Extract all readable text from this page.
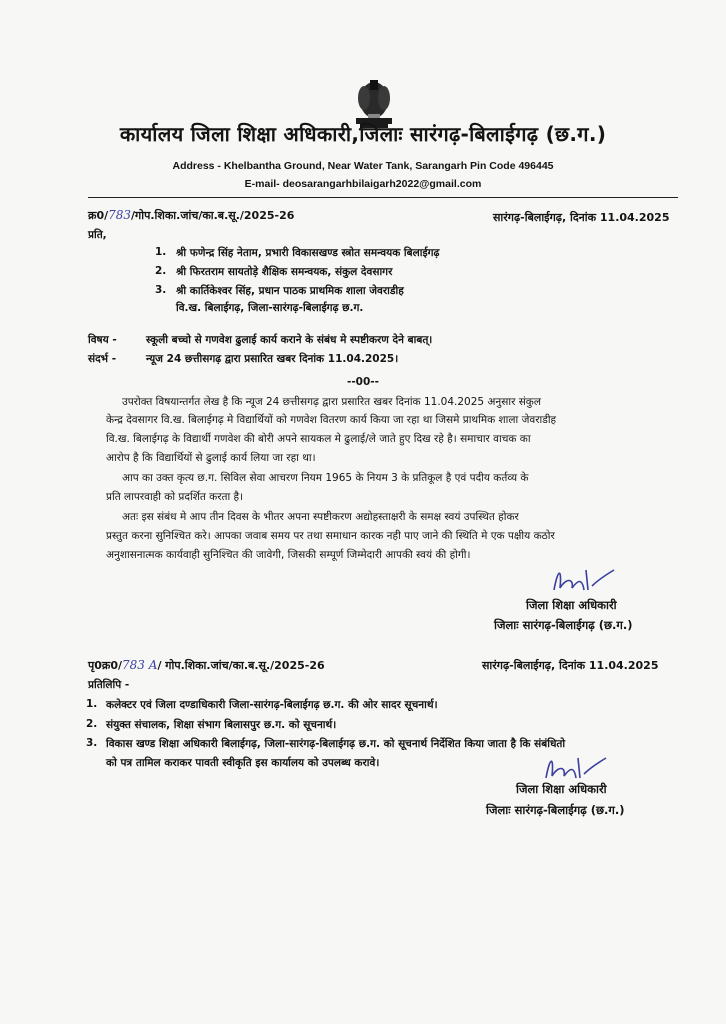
कार्यालय जिला शिक्षा अधिकारी,जिलाः सारंगढ़-बिलाईगढ़ (छ.ग.)
Address - Khelbantha Ground, Near Water Tank, Sarangarh Pin Code 496445
E-mail- deosarangarhbilaigarh2022@gmail.com
क्र0/783/गोप.शिका.जांच/का.ब.सू./2025-26	सारंगढ़-बिलाईगढ़, दिनांक 11.04.2025
प्रति,
1. श्री फणेन्द्र सिंह नेताम, प्रभारी विकासखण्ड स्त्रोत समन्वयक बिलाईगढ़
2. श्री फिरतराम सायतोड़े शैक्षिक समन्वयक, संकुल देवसागर
3. श्री कार्तिकेश्वर सिंह, प्रधान पाठक प्राथमिक शाला जेवराडीह
वि.ख. बिलाईगढ़, जिला-सारंगढ़-बिलाईगढ़ छ.ग.
विषय -	स्कूली बच्चो से गणवेश ढुलाई कार्य कराने के संबंध मे स्पष्टीकरण देने बाबत्।
संदर्भ -	न्यूज 24 छत्तीसगढ़ द्वारा प्रसारित खबर दिनांक 11.04.2025।
--00--
उपरोक्त विषयान्तर्गत लेख है कि न्यूज 24 छत्तीसगढ़ द्वारा प्रसारित खबर दिनांक 11.04.2025 अनुसार संकुल
केन्द्र देवसागर वि.ख. बिलाईगढ़ मे विद्यार्थियों को गणवेश वितरण कार्य किया जा रहा था जिसमे प्राथमिक शाला जेवराडीह
वि.ख. बिलाईगढ़ के विद्यार्थी गणवेश की बोरी अपने सायकल मे ढुलाई/ले जाते हुए दिख रहे है। समाचार वाचक का
आरोप है कि विद्यार्थियों से ढुलाई कार्य लिया जा रहा था।
आप का उक्त कृत्य छ.ग. सिविल सेवा आचरण नियम 1965 के नियम 3 के प्रतिकूल है एवं पदीय कर्तव्य के
प्रति लापरवाही को प्रदर्शित करता है।
अतः इस संबंध मे आप तीन दिवस के भीतर अपना स्पष्टीकरण अद्योहस्ताक्षरी के समक्ष स्वयं उपस्थित होकर
प्रस्तुत करना सुनिश्चित करे। आपका जवाब समय पर तथा समाधान कारक नही पाए जाने की स्थिति मे एक पक्षीय कठोर
अनुशासनात्मक कार्यवाही सुनिश्चित की जावेगी, जिसकी सम्पूर्ण जिम्मेदारी आपकी स्वयं की होगी।
जिला शिक्षा अधिकारी
जिलाः सारंगढ़-बिलाईगढ़ (छ.ग.)
पृ0क्र0/783 A/ गोप.शिका.जांच/का.ब.सू./2025-26	सारंगढ़-बिलाईगढ़, दिनांक 11.04.2025
प्रतिलिपि -
1. कलेक्टर एवं जिला दण्डाधिकारी जिला-सारंगढ़-बिलाईगढ़ छ.ग. की ओर सादर सूचनार्थ।
2. संयुक्त संचालक, शिक्षा संभाग बिलासपुर छ.ग. को सूचनार्थ।
3. विकास खण्ड शिक्षा अधिकारी बिलाईगढ़, जिला-सारंगढ़-बिलाईगढ़ छ.ग. को सूचनार्थ निर्देशित किया जाता है कि संबंधितो
को पत्र तामिल कराकर पावती स्वीकृति इस कार्यालय को उपलब्ध करावे।
जिला शिक्षा अधिकारी
जिलाः सारंगढ़-बिलाईगढ़ (छ.ग.)
